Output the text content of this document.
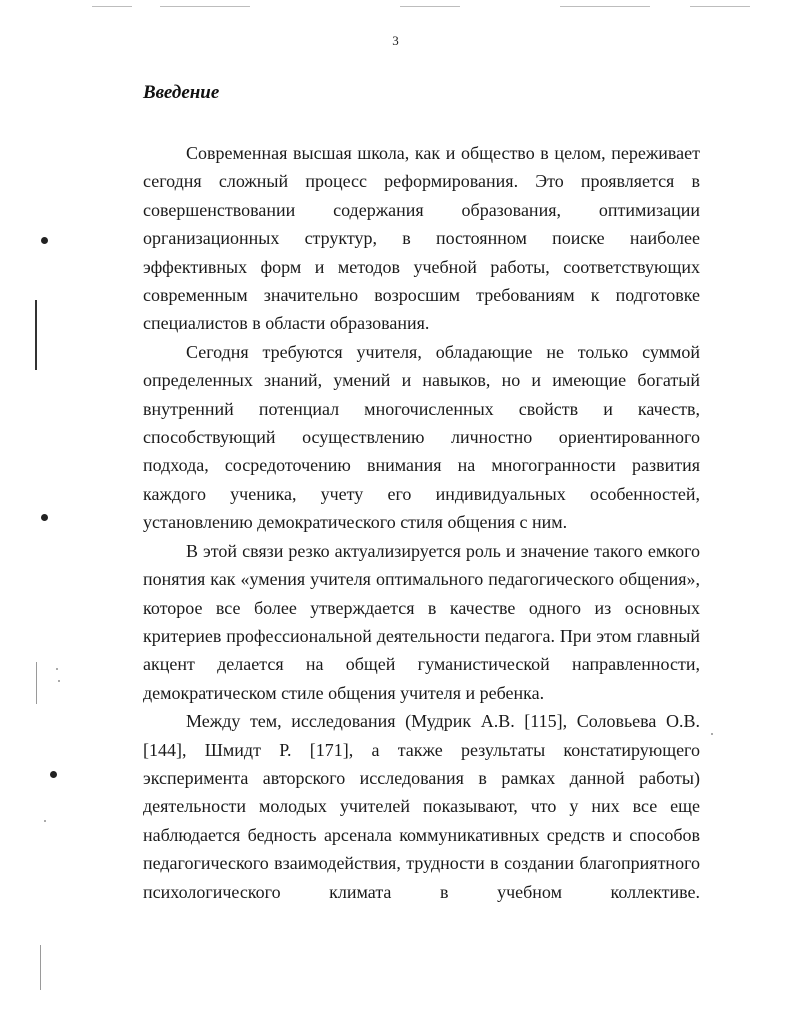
3
Введение

Современная высшая школа, как и общество в целом, переживает сегодня сложный процесс реформирования. Это проявляется в совершенствовании содержания образования, оптимизации организационных структур, в постоянном поиске наиболее эффективных форм и методов учебной работы, соответствующих современным значительно возросшим требованиям к подготовке специалистов в области образования.

Сегодня требуются учителя, обладающие не только суммой определенных знаний, умений и навыков, но и имеющие богатый внутренний потенциал многочисленных свойств и качеств, способствующий осуществлению личностно ориентированного подхода, сосредоточению внимания на многогранности развития каждого ученика, учету его индивидуальных особенностей, установлению демократического стиля общения с ним.

В этой связи резко актуализируется роль и значение такого емкого понятия как «умения учителя оптимального педагогического общения», которое все более утверждается в качестве одного из основных критериев профессиональной деятельности педагога. При этом главный акцент делается на общей гуманистической направленности, демократическом стиле общения учителя и ребенка.

Между тем, исследования (Мудрик А.В. [115], Соловьева О.В. [144], Шмидт Р. [171], а также результаты констатирующего эксперимента авторского исследования в рамках данной работы) деятельности молодых учителей показывают, что у них все еще наблюдается бедность арсенала коммуникативных средств и способов педагогического взаимодействия, трудности в создании благоприятного психологического климата в учебном коллективе.
